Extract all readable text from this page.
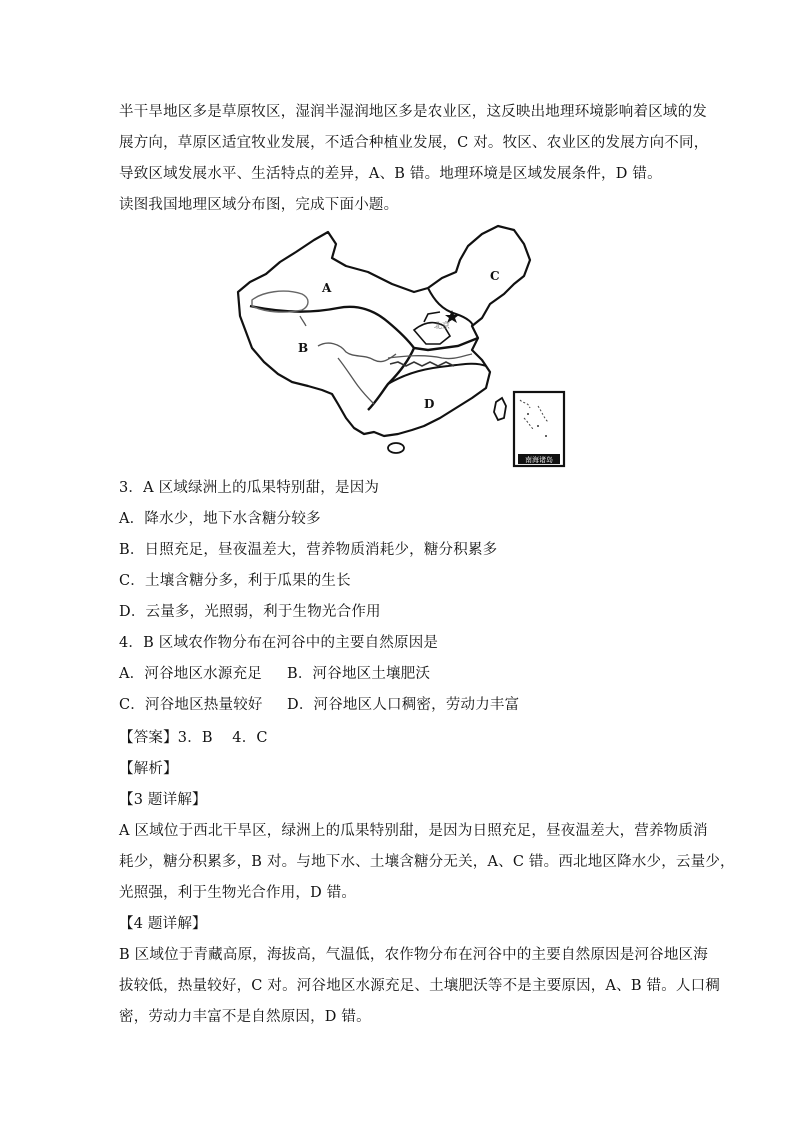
半干旱地区多是草原牧区，湿润半湿润地区多是农业区，这反映出地理环境影响着区域的发
展方向，草原区适宜牧业发展，不适合种植业发展，C 对。牧区、农业区的发展方向不同，
导致区域发展水平、生活特点的差异，A、B 错。地理环境是区域发展条件，D 错。
读图我国地理区域分布图，完成下面小题。
A
B
C
D
北京
南海诸岛
3．A 区域绿洲上的瓜果特别甜，是因为
A．降水少，地下水含糖分较多
B．日照充足，昼夜温差大，营养物质消耗少，糖分积累多
C．土壤含糖分多，利于瓜果的生长
D．云量多，光照弱，利于生物光合作用
4．B 区域农作物分布在河谷中的主要自然原因是
A．河谷地区水源充足 B．河谷地区土壤肥沃
C．河谷地区热量较好 D．河谷地区人口稠密，劳动力丰富
【答案】3．B　 4．C
【解析】
【3 题详解】
A 区域位于西北干旱区，绿洲上的瓜果特别甜，是因为日照充足，昼夜温差大，营养物质消
耗少，糖分积累多，B 对。与地下水、土壤含糖分无关，A、C 错。西北地区降水少，云量少，
光照强，利于生物光合作用，D 错。
【4 题详解】
B 区域位于青藏高原，海拔高，气温低，农作物分布在河谷中的主要自然原因是河谷地区海
拔较低，热量较好，C 对。河谷地区水源充足、土壤肥沃等不是主要原因，A、B 错。人口稠
密，劳动力丰富不是自然原因，D 错。
